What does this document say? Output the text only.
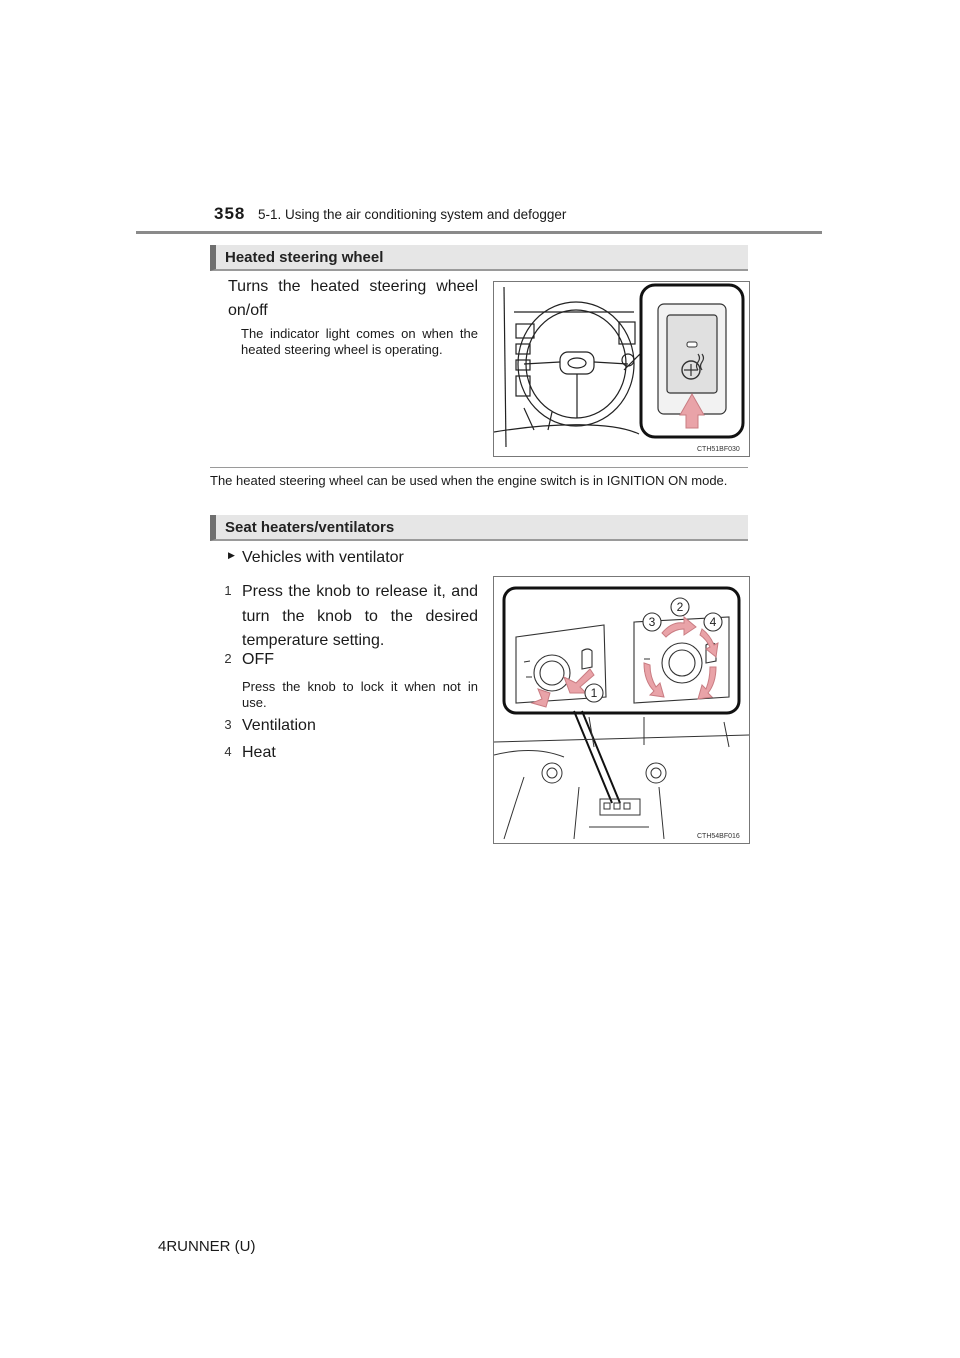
358 5-1. Using the air conditioning system and defogger
Heated steering wheel
Turns the heated steering wheel on/off
The indicator light comes on when the heated steering wheel is operating.
CTH51BF030
The heated steering wheel can be used when the engine switch is in IGNITION ON mode.
Seat heaters/ventilators
▶ Vehicles with ventilator
1 Press the knob to release it, and turn the knob to the desired temperature setting.
2 OFF
Press the knob to lock it when not in use.
3 Ventilation
4 Heat
1
2
3	4
CTH54BF016
4RUNNER (U)
